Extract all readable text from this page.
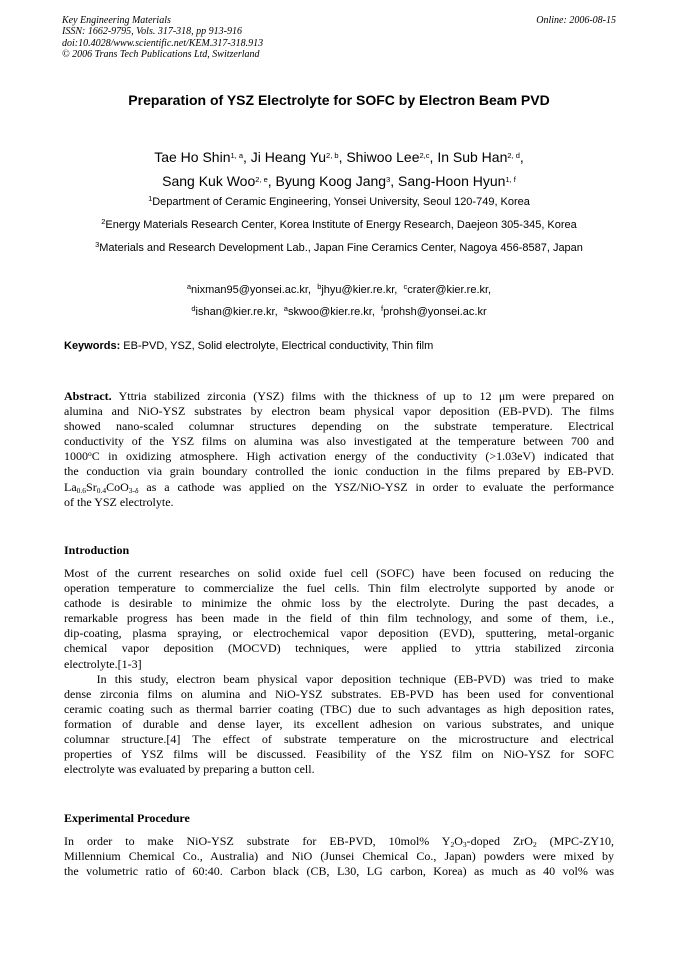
Key Engineering Materials
ISSN: 1662-9795, Vols. 317-318, pp 913-916
doi:10.4028/www.scientific.net/KEM.317-318.913
© 2006 Trans Tech Publications Ltd, Switzerland
Online: 2006-08-15
Preparation of YSZ Electrolyte for SOFC by Electron Beam PVD
Tae Ho Shin$^{1, a}$, Ji Heang Yu$^{2, b}$, Shiwoo Lee$^{2,c}$, In Sub Han$^{2, d}$,
Sang Kuk Woo$^{2, e}$, Byung Koog Jang$^3$, Sang-Hoon Hyun$^{1, f}$
$^1$Department of Ceramic Engineering, Yonsei University, Seoul 120-749, Korea
$^2$Energy Materials Research Center, Korea Institute of Energy Research, Daejeon 305-345, Korea
$^3$Materials and Research Development Lab., Japan Fine Ceramics Center, Nagoya 456-8587, Japan
$^a$nixman95@yonsei.ac.kr, $^b$jhyu@kier.re.kr, $^c$crater@kier.re.kr,
$^d$ishan@kier.re.kr, $^a$skwoo@kier.re.kr, $^f$prohsh@yonsei.ac.kr
Keywords: EB-PVD, YSZ, Solid electrolyte, Electrical conductivity, Thin film
Abstract. Yttria stabilized zirconia (YSZ) films with the thickness of up to 12 μm were prepared on
alumina and NiO-YSZ substrates by electron beam physical vapor deposition (EB-PVD). The films
showed nano-scaled columnar structures depending on the substrate temperature. Electrical
conductivity of the YSZ films on alumina was also investigated at the temperature between 700 and
1000$^o$C in oxidizing atmosphere. High activation energy of the conductivity (>1.03eV) indicated that
the conduction via grain boundary controlled the ionic conduction in the films prepared by EB-PVD.
$La_{0.6}Sr_{0.4}CoO_{3-\delta}$ as a cathode was applied on the YSZ/NiO-YSZ in order to evaluate the performance
of the YSZ electrolyte.
Introduction
Most of the current researches on solid oxide fuel cell (SOFC) have been focused on reducing the
operation temperature to commercialize the fuel cells. Thin film electrolyte supported by anode or
cathode is desirable to minimize the ohmic loss by the electrolyte. During the past decades, a
remarkable progress has been made in the field of thin film technology, and some of them, i.e.,
dip-coating, plasma spraying, or electrochemical vapor deposition (EVD), sputtering, metal-organic
chemical vapor deposition (MOCVD) techniques, were applied to yttria stabilized zirconia
electrolyte.[1-3]
In this study, electron beam physical vapor deposition technique (EB-PVD) was tried to make
dense zirconia films on alumina and NiO-YSZ substrates. EB-PVD has been used for conventional
ceramic coating such as thermal barrier coating (TBC) due to such advantages as high deposition rates,
formation of durable and dense layer, its excellent adhesion on various substrates, and unique
columnar structure.[4] The effect of substrate temperature on the microstructure and electrical
properties of YSZ films will be discussed. Feasibility of the YSZ film on NiO-YSZ for SOFC
electrolyte was evaluated by preparing a button cell.
Experimental Procedure
In order to make NiO-YSZ substrate for EB-PVD, 10mol% $Y_2O_3$-doped ZrO$_2$ (MPC-ZY10,
Millennium Chemical Co., Australia) and NiO (Junsei Chemical Co., Japan) powders were mixed by
the volumetric ratio of 60:40. Carbon black (CB, L30, LG carbon, Korea) as much as 40 vol% was
